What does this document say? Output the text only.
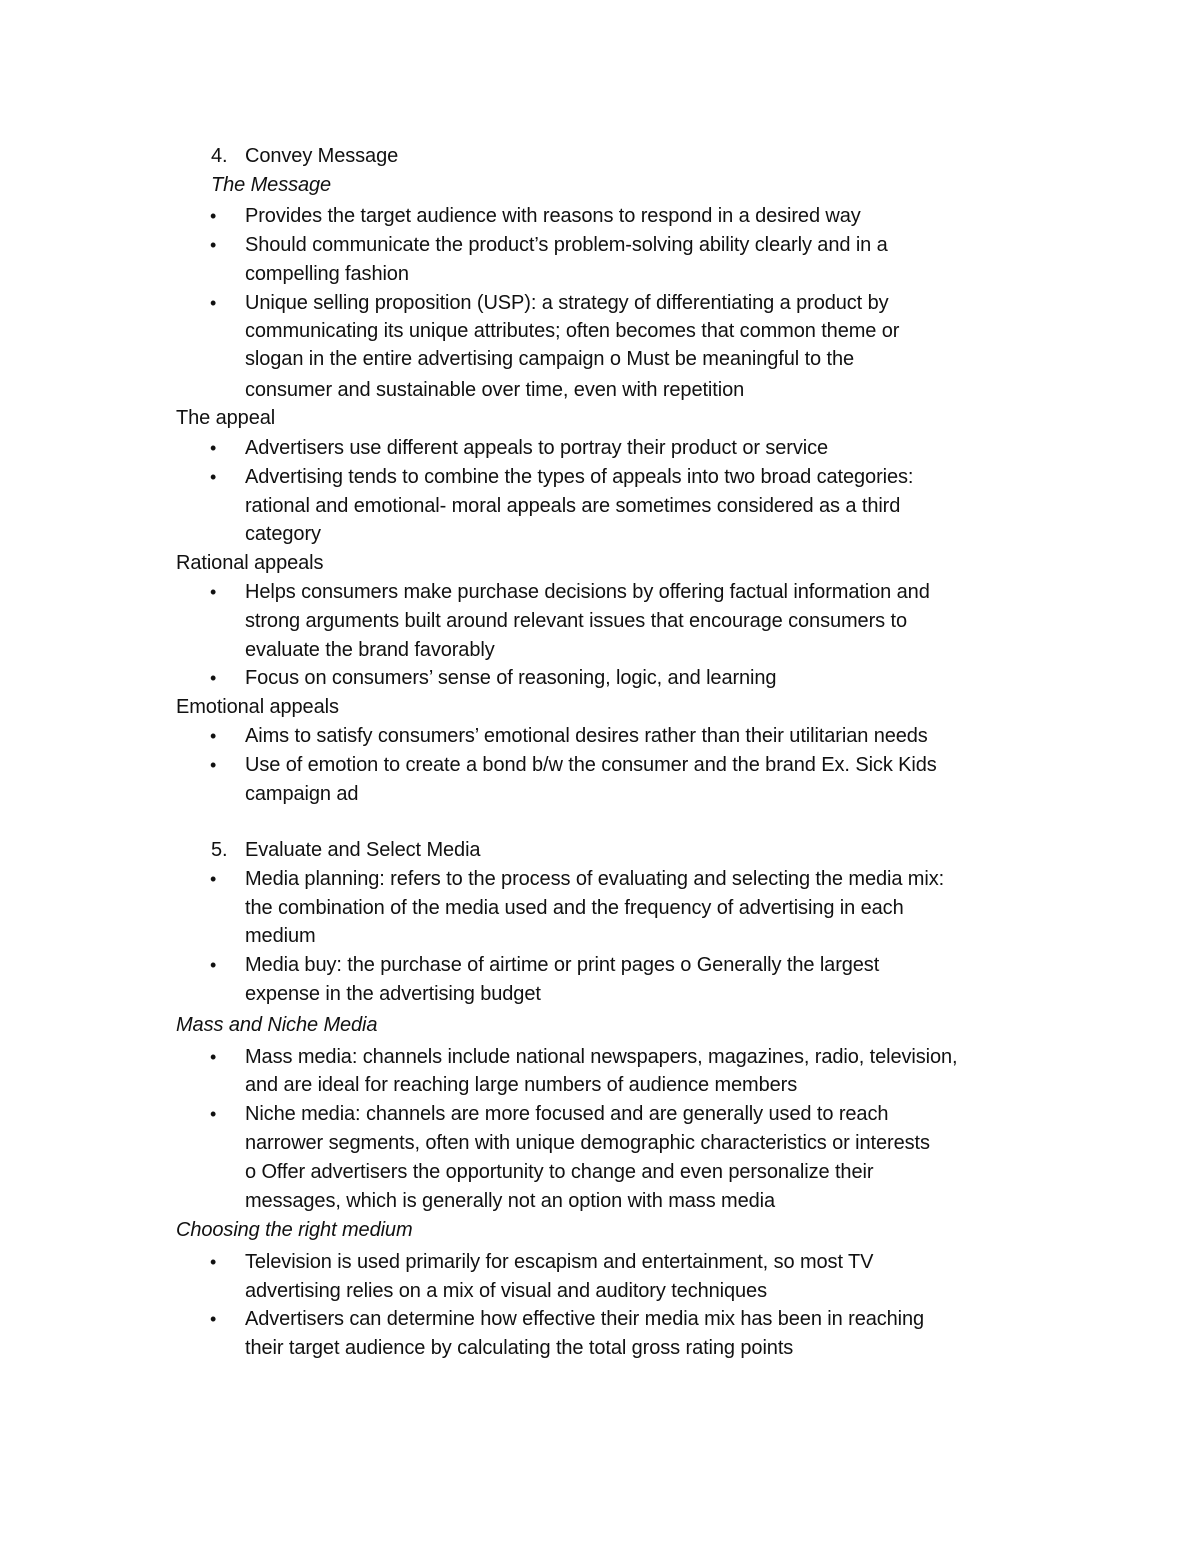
4. Convey Message
The Message
• Provides the target audience with reasons to respond in a desired way
• Should communicate the product’s problem-solving ability clearly and in a
compelling fashion
• Unique selling proposition (USP): a strategy of differentiating a product by
communicating its unique attributes; often becomes that common theme or
slogan in the entire advertising campaign o Must be meaningful to the
consumer and sustainable over time, even with repetition
The appeal
• Advertisers use different appeals to portray their product or service
• Advertising tends to combine the types of appeals into two broad categories:
rational and emotional- moral appeals are sometimes considered as a third
category
Rational appeals
• Helps consumers make purchase decisions by offering factual information and
strong arguments built around relevant issues that encourage consumers to
evaluate the brand favorably
• Focus on consumers’ sense of reasoning, logic, and learning
Emotional appeals
• Aims to satisfy consumers’ emotional desires rather than their utilitarian needs
• Use of emotion to create a bond b/w the consumer and the brand Ex. Sick Kids
campaign ad
5. Evaluate and Select Media
• Media planning: refers to the process of evaluating and selecting the media mix:
the combination of the media used and the frequency of advertising in each
medium
• Media buy: the purchase of airtime or print pages o Generally the largest
expense in the advertising budget
Mass and Niche Media
• Mass media: channels include national newspapers, magazines, radio, television,
and are ideal for reaching large numbers of audience members
• Niche media: channels are more focused and are generally used to reach
narrower segments, often with unique demographic characteristics or interests
o Offer advertisers the opportunity to change and even personalize their
messages, which is generally not an option with mass media
Choosing the right medium
• Television is used primarily for escapism and entertainment, so most TV
advertising relies on a mix of visual and auditory techniques
• Advertisers can determine how effective their media mix has been in reaching
their target audience by calculating the total gross rating points
